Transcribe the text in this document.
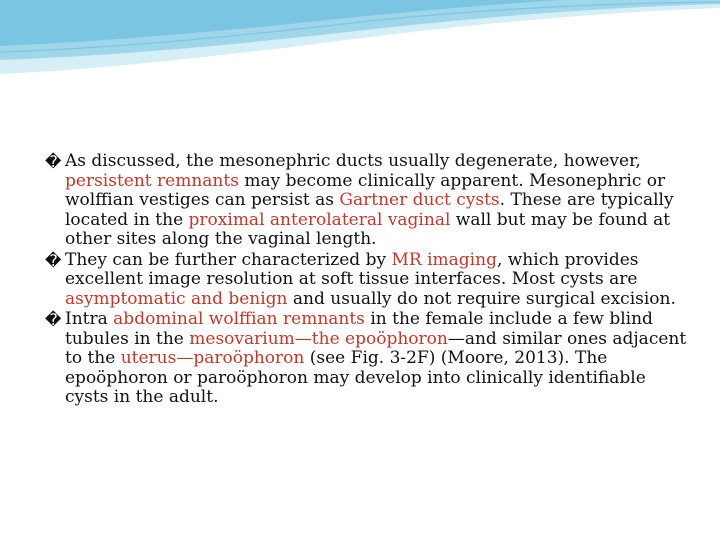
� As discussed, the mesonephric ducts usually degenerate, however, persistent remnants may become clinically apparent. Mesonephric or wolffian vestiges can persist as Gartner duct cysts. These are typically located in the proximal anterolateral vaginal wall but may be found at other sites along the vaginal length.
� They can be further characterized by MR imaging, which provides excellent image resolution at soft tissue interfaces. Most cysts are asymptomatic and benign and usually do not require surgical excision.
� Intra abdominal wolffian remnants in the female include a few blind tubules in the mesovarium—the epoöphoron—and similar ones adjacent to the uterus—paroöphoron (see Fig. 3-2F) (Moore, 2013). The epoöphoron or paroöphoron may develop into clinically identifiable cysts in the adult.
